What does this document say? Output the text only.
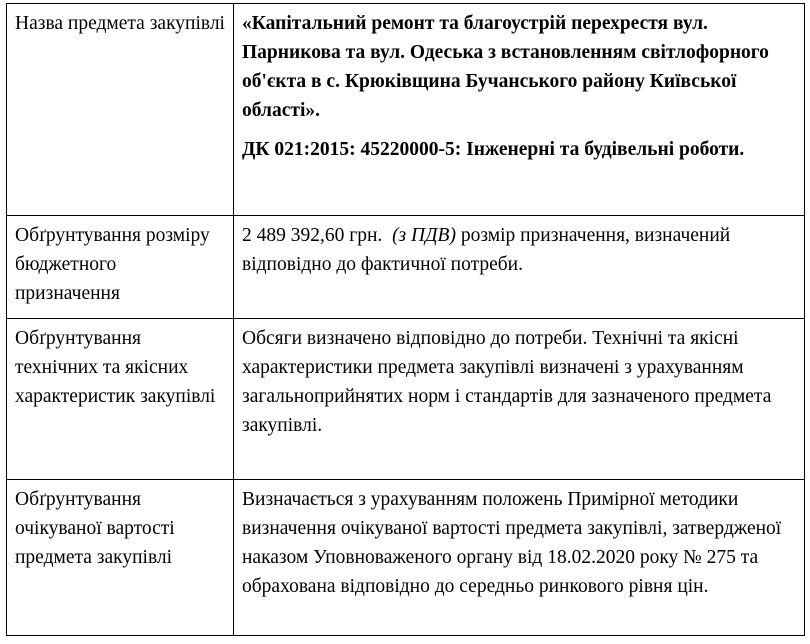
Назва предмета закупівлі	«Капітальний ремонт та благоустрій перехрестя вул. Парникова та вул. Одеська з встановленням світлофорного об'єкта в с. Крюківщина Бучанського району Київської області».

ДК 021:2015: 45220000-5: Інженерні та будівельні роботи.

Обґрунтування розміру бюджетного призначення	2 489 392,60 грн. (з ПДВ) розмір призначення, визначений відповідно до фактичної потреби.

Обґрунтування технічних та якісних характеристик закупівлі	Обсяги визначено відповідно до потреби. Технічні та якісні характеристики предмета закупівлі визначені з урахуванням загальноприйнятих норм і стандартів для зазначеного предмета закупівлі.

Обґрунтування очікуваної вартості предмета закупівлі	Визначається з урахуванням положень Примірної методики визначення очікуваної вартості предмета закупівлі, затвердженої наказом Уповноваженого органу від 18.02.2020 року № 275 та обрахована відповідно до середньо ринкового рівня цін.
